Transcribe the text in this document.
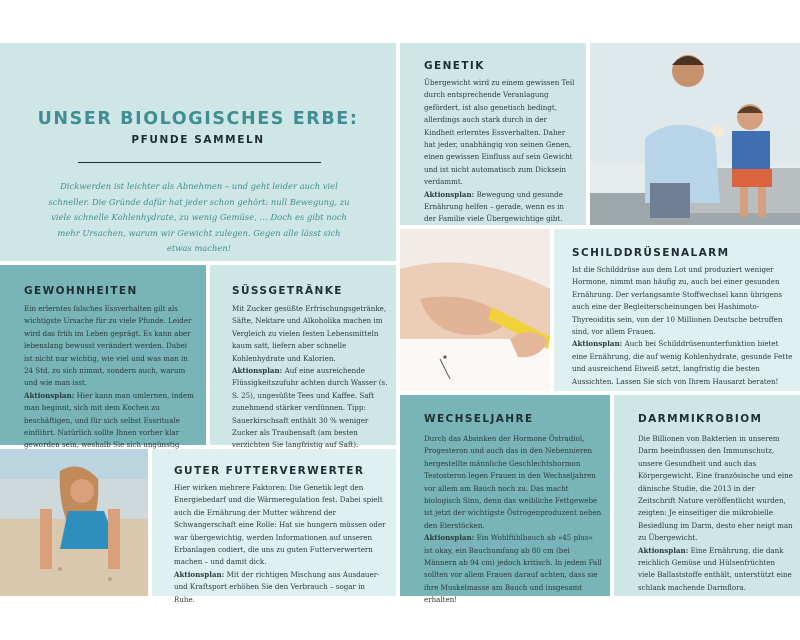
UNSER BIOLOGISCHES ERBE:
PFUNDE SAMMELN

Dickwerden ist leichter als Abnehmen – und geht leider auch viel schneller. Die Gründe dafür hat jeder schon gehört: null Bewegung, zu viele schnelle Kohlenhydrate, zu wenig Gemüse, … Doch es gibt noch mehr Ursachen, warum wir Gewicht zulegen. Gegen alle lässt sich etwas machen!

GENETIK

Übergewicht wird zu einem gewissen Teil durch entsprechende Veranlagung gefördert, ist also genetisch bedingt, allerdings auch stark durch in der Kindheit erlerntes Essverhalten. Daher hat jeder, unabhängig von seinen Genen, einen gewissen Einfluss auf sein Gewicht und ist nicht automatisch zum Dicksein verdammt.
Aktionsplan: Bewegung und gesunde Ernährung helfen – gerade, wenn es in der Familie viele Übergewichtige gibt.

GEWOHNHEITEN

Ein erlerntes falsches Essverhalten gilt als wichtigste Ursache für zu viele Pfunde. Leider wird das früh im Leben geprägt. Es kann aber lebenslang bewusst verändert werden. Dabei ist nicht nur wichtig, wie viel und was man in 24 Std. zu sich nimmt, sondern auch, warum und wie man isst.
Aktionsplan: Hier kann man umlernen, indem man beginnt, sich mit dem Kochen zu beschäftigen, und für sich selbst Essrituale einführt. Natürlich sollte Ihnen vorher klar geworden sein, weshalb Sie sich ungünstig

SÜSSGETRÄNKE

Mit Zucker gesüßte Erfrischungsgetränke, Säfte, Nektare und Alkoholika machen im Vergleich zu vielen festen Lebensmitteln kaum satt, liefern aber schnelle Kohlenhydrate und Kalorien.
Aktionsplan: Auf eine ausreichende Flüssigkeitszufuhr achten durch Wasser (s. S. 25), ungesüßte Tees und Kaffee. Saft zunehmend stärker verdünnen. Tipp: Sauerkirschsaft enthält 30 % weniger Zucker als Traubensaft (am besten verzichten Sie langfristig auf Saft).

SCHILDDRÜSENALARM

Ist die Schilddrüse aus dem Lot und produziert weniger Hormone, nimmt man häufig zu, auch bei einer gesunden Ernährung. Der verlangsamte Stoffwechsel kann übrigens auch eine der Begleiterscheinungen bei Hashimoto-Thyreoiditis sein, von der 10 Millionen Deutsche betroffen sind, vor allem Frauen.
Aktionsplan: Auch bei Schilddrüsenunterfunktion bietet eine Ernährung, die auf wenig Kohlenhydrate, gesunde Fette und ausreichend Eiweiß setzt, langfristig die besten Aussichten. Lassen Sie sich von Ihrem Hausarzt beraten!

GUTER FUTTERVERWERTER

Hier wirken mehrere Faktoren: Die Genetik legt den Energiebedarf und die Wärmeregulation fest. Dabei spielt auch die Ernährung der Mutter während der Schwangerschaft eine Rolle: Hat sie hungern müssen oder war übergewichtig, werden Informationen auf unseren Erbanlagen codiert, die uns zu guten Futterverwertern machen – und damit dick.
Aktionsplan: Mit der richtigen Mischung aus Ausdauer- und Kraftsport erhöhen Sie den Verbrauch – sogar in Ruhe.

WECHSELJAHRE

Durch das Absinken der Hormone Östradiol, Progesteron und auch das in den Nebennieren hergestellte männliche Geschlechtshormon Testosteron legen Frauen in den Wechseljahren vor allem am Bauch noch zu. Das macht biologisch Sinn, denn das weibliche Fettgewebe ist jetzt der wichtigste Östrogenproduzent neben den Eierstöcken.
Aktionsplan: Ein Wohlfühlbauch ab »45 plus« ist okay, ein Bauchumfang ab 80 cm (bei Männern ab 94 cm) jedoch kritisch. In jedem Fall sollten vor allem Frauen darauf achten, dass sie ihre Muskelmasse am Bauch und insgesamt erhalten!

DARMMIKROBIOM

Die Billionen von Bakterien in unserem Darm beeinflussen den Immunschutz, unsere Gesundheit und auch das Körpergewicht. Eine französische und eine dänische Studie, die 2013 in der Zeitschrift Nature veröffentlicht wurden, zeigten: Je einseitiger die mikrobielle Besiedlung im Darm, desto eher neigt man zu Übergewicht.
Aktionsplan: Eine Ernährung, die dank reichlich Gemüse und Hülsenfrüchten viele Ballaststoffe enthält, unterstützt eine schlank machende Darmflora.
